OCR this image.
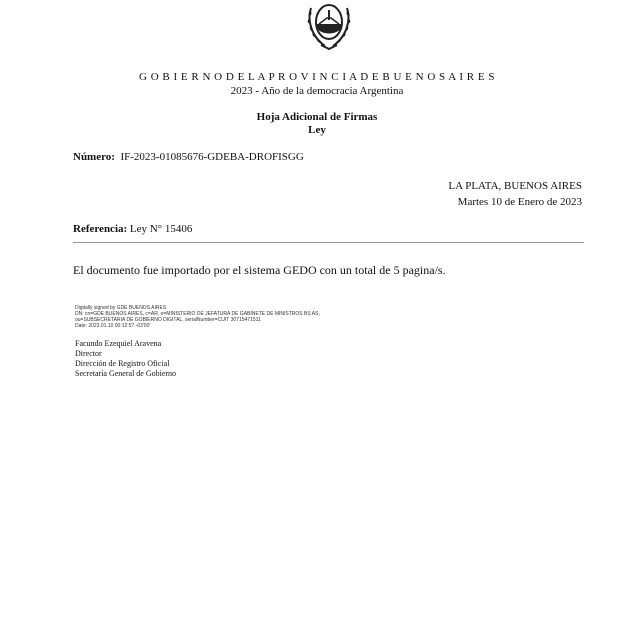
G O B I E R N O D E L A P R O V I N C I A D E B U E N O S A I R E S
2023 - Año de la democracia Argentina
Hoja Adicional de Firmas
Ley
Número: IF-2023-01085676-GDEBA-DROFISGG
LA PLATA, BUENOS AIRES
Martes 10 de Enero de 2023
Referencia: Ley N° 15406
El documento fue importado por el sistema GEDO con un total de 5 pagina/s.
Digitally signed by GDE BUENOS AIRES
DN: cn=GDE BUENOS AIRES, c=AR, o=MINISTERIO DE JEFATURA DE GABINETE DE MINISTROS BS AS,
ou=SUBSECRETARIA DE GOBIERNO DIGITAL, serialNumber=CUIT 30715471511
Date: 2023.01.10 00:12:57 -03'00'
Facundo Ezequiel Aravena
Director
Dirección de Registro Oficial
Secretaría General de Gobierno
